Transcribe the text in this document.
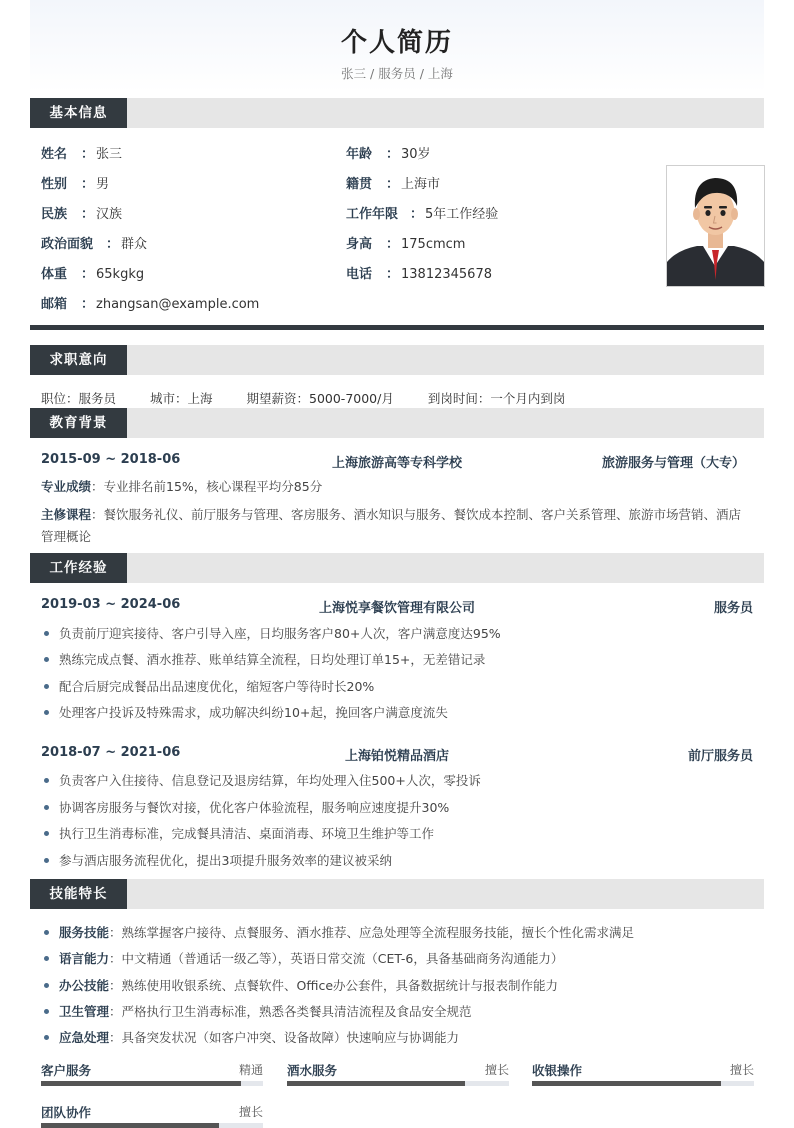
个人简历
张三 / 服务员 / 上海
基本信息
姓名 ： 张三	年龄 ： 30岁
性别 ： 男	籍贯 ： 上海市
民族 ： 汉族	工作年限 ： 5年工作经验
政治面貌 ： 群众	身高 ： 175cmcm
体重 ： 65kgkg	电话 ： 13812345678
邮箱 ： zhangsan@example.com
求职意向
职位：服务员	城市：上海	期望薪资：5000-7000/月	到岗时间：一个月内到岗
教育背景
2015-09 ~ 2018-06	上海旅游高等专科学校	旅游服务与管理（大专）
专业成绩：专业排名前15%，核心课程平均分85分
主修课程：餐饮服务礼仪、前厅服务与管理、客房服务、酒水知识与服务、餐饮成本控制、客户关系管理、旅游市场营销、酒店管理概论
工作经验
2019-03 ~ 2024-06	上海悦享餐饮管理有限公司	服务员
负责前厅迎宾接待、客户引导入座，日均服务客户80+人次，客户满意度达95%
熟练完成点餐、酒水推荐、账单结算全流程，日均处理订单15+，无差错记录
配合后厨完成餐品出品速度优化，缩短客户等待时长20%
处理客户投诉及特殊需求，成功解决纠纷10+起，挽回客户满意度流失
2018-07 ~ 2021-06	上海铂悦精品酒店	前厅服务员
负责客户入住接待、信息登记及退房结算，年均处理入住500+人次，零投诉
协调客房服务与餐饮对接，优化客户体验流程，服务响应速度提升30%
执行卫生消毒标准，完成餐具清洁、桌面消毒、环境卫生维护等工作
参与酒店服务流程优化，提出3项提升服务效率的建议被采纳
技能特长
服务技能：熟练掌握客户接待、点餐服务、酒水推荐、应急处理等全流程服务技能，擅长个性化需求满足
语言能力：中文精通（普通话一级乙等），英语日常交流（CET-6，具备基础商务沟通能力）
办公技能：熟练使用收银系统、点餐软件、Office办公套件，具备数据统计与报表制作能力
卫生管理：严格执行卫生消毒标准，熟悉各类餐具清洁流程及食品安全规范
应急处理：具备突发状况（如客户冲突、设备故障）快速响应与协调能力
客户服务	精通 酒水服务	擅长 收银操作	擅长
团队协作	擅长
